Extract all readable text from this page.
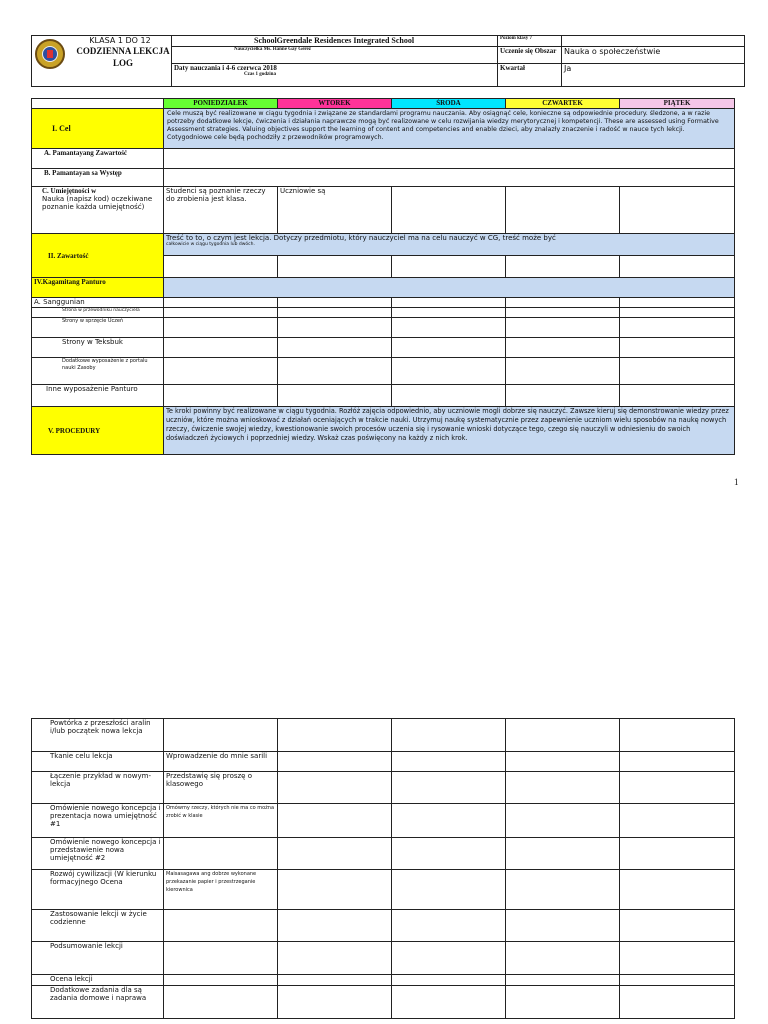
KLASA 1 DO 12
CODZIENNA LEKCJA
LOG	SchoolGreendale Residences Integrated School	Poziom klasy 7	
	Nauczycielka Ms. Hanne Gay Gerez	Uczenie się Obszar	Nauka o społeczeństwie

	Daty nauczania i 4-6 czerwca 2018
Czas 1 godzina	Kwartał	Ja
	PONIEDZIAŁEK	WTOREK	ŚRODA	CZWARTEK	PIĄTEK
I. Cel	Cele muszą być realizowane w ciągu tygodnia i związane ze standardami programu nauczania. Aby osiągnąć cele, konieczne są odpowiednie procedury. śledzone, a w razie potrzeby dodatkowe lekcje, ćwiczenia i działania naprawcze mogą być realizowane w celu rozwijania wiedzy merytorycznej i kompetencji. These are assessed using Formative Assessment strategies. Valuing objectives support the learning of content and competencies and enable dzieci, aby znalazły znaczenie i radość w nauce tych lekcji. Cotygodniowe cele będą pochodziły z przewodników programowych.				
A. Pamantayang Zawartość					
B. Pamantayan sa Występ					

C. Umiejętności w
Nauka (napisz kod) oczekiwane poznanie każda umiejętność)	Studenci są poznanie rzeczy do zrobienia jest klasa.	Uczniowie są			
II. Zawartość	Treść to to, o czym jest lekcja. Dotyczy przedmiotu, który nauczyciel ma na celu nauczyć w CG, treść może być
całkowicie w ciągu tygodnia lub dwóch.				

IV.Kagamitang Panturo					
A. Sanggunian					
Strona w przewodniku nauczyciela					
Strony w sprzęcie Uczeń					
Strony w Teksbuk					
Dodatkowe wyposażenie z portalu nauki Zasoby					
Inne wyposażenie Panturo					
V. PROCEDURY	Te kroki powinny być realizowane w ciągu tygodnia. Rozłóż zajęcia odpowiednio, aby uczniowie mogli dobrze się nauczyć. Zawsze kieruj się demonstrowanie wiedzy przez uczniów, które można wnioskować z działań oceniających w trakcie nauki. Utrzymuj naukę systematycznie przez zapewnienie uczniom wielu sposobów na naukę nowych rzeczy, ćwiczenie swojej wiedzy, kwestionowanie swoich procesów uczenia się i rysowanie wnioski dotyczące tego, czego się nauczyli w odniesieniu do swoich doświadczeń życiowych i poprzedniej wiedzy. Wskaż czas poświęcony na każdy z nich krok.				
1
Powtórka z przeszłości aralin i/lub początek nowa lekcja					
Tkanie celu lekcja	Wprowadzenie do mnie sarili				
Łączenie przykład w nowym- lekcja	Przedstawię się proszę o klasowego				
Omówienie nowego koncepcja i prezentacja nowa umiejętność #1	Omówmy rzeczy, których nie ma co można zrobić w klasie				
Omówienie nowego koncepcja i przedstawienie nowa umiejętność #2					
Rozwój cywilizacji (W kierunku formacyjnego Ocena	Maisasagawa ang dobrze wykonane przekazanie papier i przestrzeganie kierownica				
Zastosowanie lekcji w życie codzienne					
Podsumowanie lekcji					
Ocena lekcji					
Dodatkowe zadania dla są zadania domowe i naprawa					
